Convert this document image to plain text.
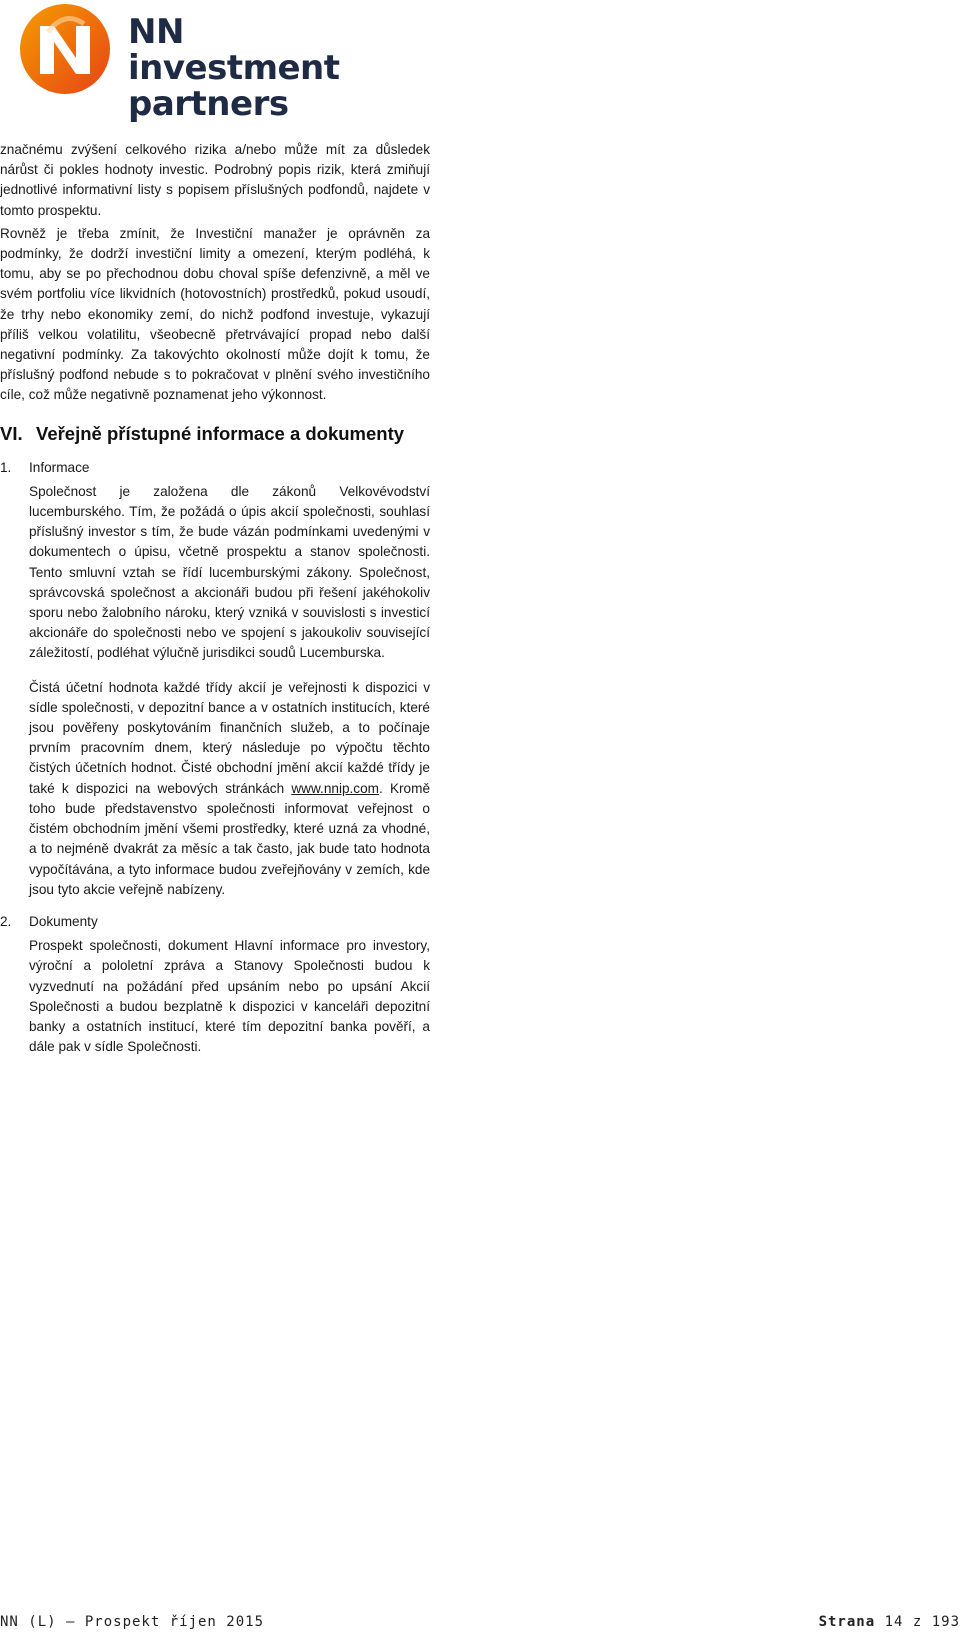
NN investment
partners

značnému zvýšení celkového rizika a/nebo může mít za důsledek nárůst či pokles hodnoty investic. Podrobný popis rizik, která zmiňují jednotlivé informativní listy s popisem příslušných podfondů, najdete v tomto prospektu.

Rovněž je třeba zmínit, že Investiční manažer je oprávněn za podmínky, že dodrží investiční limity a omezení, kterým podléhá, k tomu, aby se po přechodnou dobu choval spíše defenzivně, a měl ve svém portfoliu více likvidních (hotovostních) prostředků, pokud usoudí, že trhy nebo ekonomiky zemí, do nichž podfond investuje, vykazují příliš velkou volatilitu, všeobecně přetrvávající propad nebo další negativní podmínky. Za takovýchto okolností může dojít k tomu, že příslušný podfond nebude s to pokračovat v plnění svého investičního cíle, což může negativně poznamenat jeho výkonnost.

VI. Veřejně přístupné informace a dokumenty
1.	Informace

Společnost je založena dle zákonů Velkovévodství lucemburského. Tím, že požádá o úpis akcií společnosti, souhlasí příslušný investor s tím, že bude vázán podmínkami uvedenými v dokumentech o úpisu, včetně prospektu a stanov společnosti. Tento smluvní vztah se řídí lucemburskými zákony. Společnost, správcovská společnost a akcionáři budou při řešení jakéhokoliv sporu nebo žalobního nároku, který vzniká v souvislosti s investicí akcionáře do společnosti nebo ve spojení s jakoukoliv související záležitostí, podléhat výlučně jurisdikci soudů Lucemburska.

Čistá účetní hodnota každé třídy akcií je veřejnosti k dispozici v sídle společnosti, v depozitní bance a v ostatních institucích, které jsou pověřeny poskytováním finančních služeb, a to počínaje prvním pracovním dnem, který následuje po výpočtu těchto čistých účetních hodnot. Čisté obchodní jmění akcií každé třídy je také k dispozici na webových stránkách www.nnip.com. Kromě toho bude představenstvo společnosti informovat veřejnost o čistém obchodním jmění všemi prostředky, které uzná za vhodné, a to nejméně dvakrát za měsíc a tak často, jak bude tato hodnota vypočítávána, a tyto informace budou zveřejňovány v zemích, kde jsou tyto akcie veřejně nabízeny.

2.	Dokumenty

Prospekt společnosti, dokument Hlavní informace pro investory, výroční a pololetní zpráva a Stanovy Společnosti budou k vyzvednutí na požádání před upsáním nebo po upsání Akcií Společnosti a budou bezplatně k dispozici v kanceláři depozitní banky a ostatních institucí, které tím depozitní banka pověří, a dále pak v sídle Společnosti.

NN (L) – Prospekt říjen 2015	Strana 14 z 193
